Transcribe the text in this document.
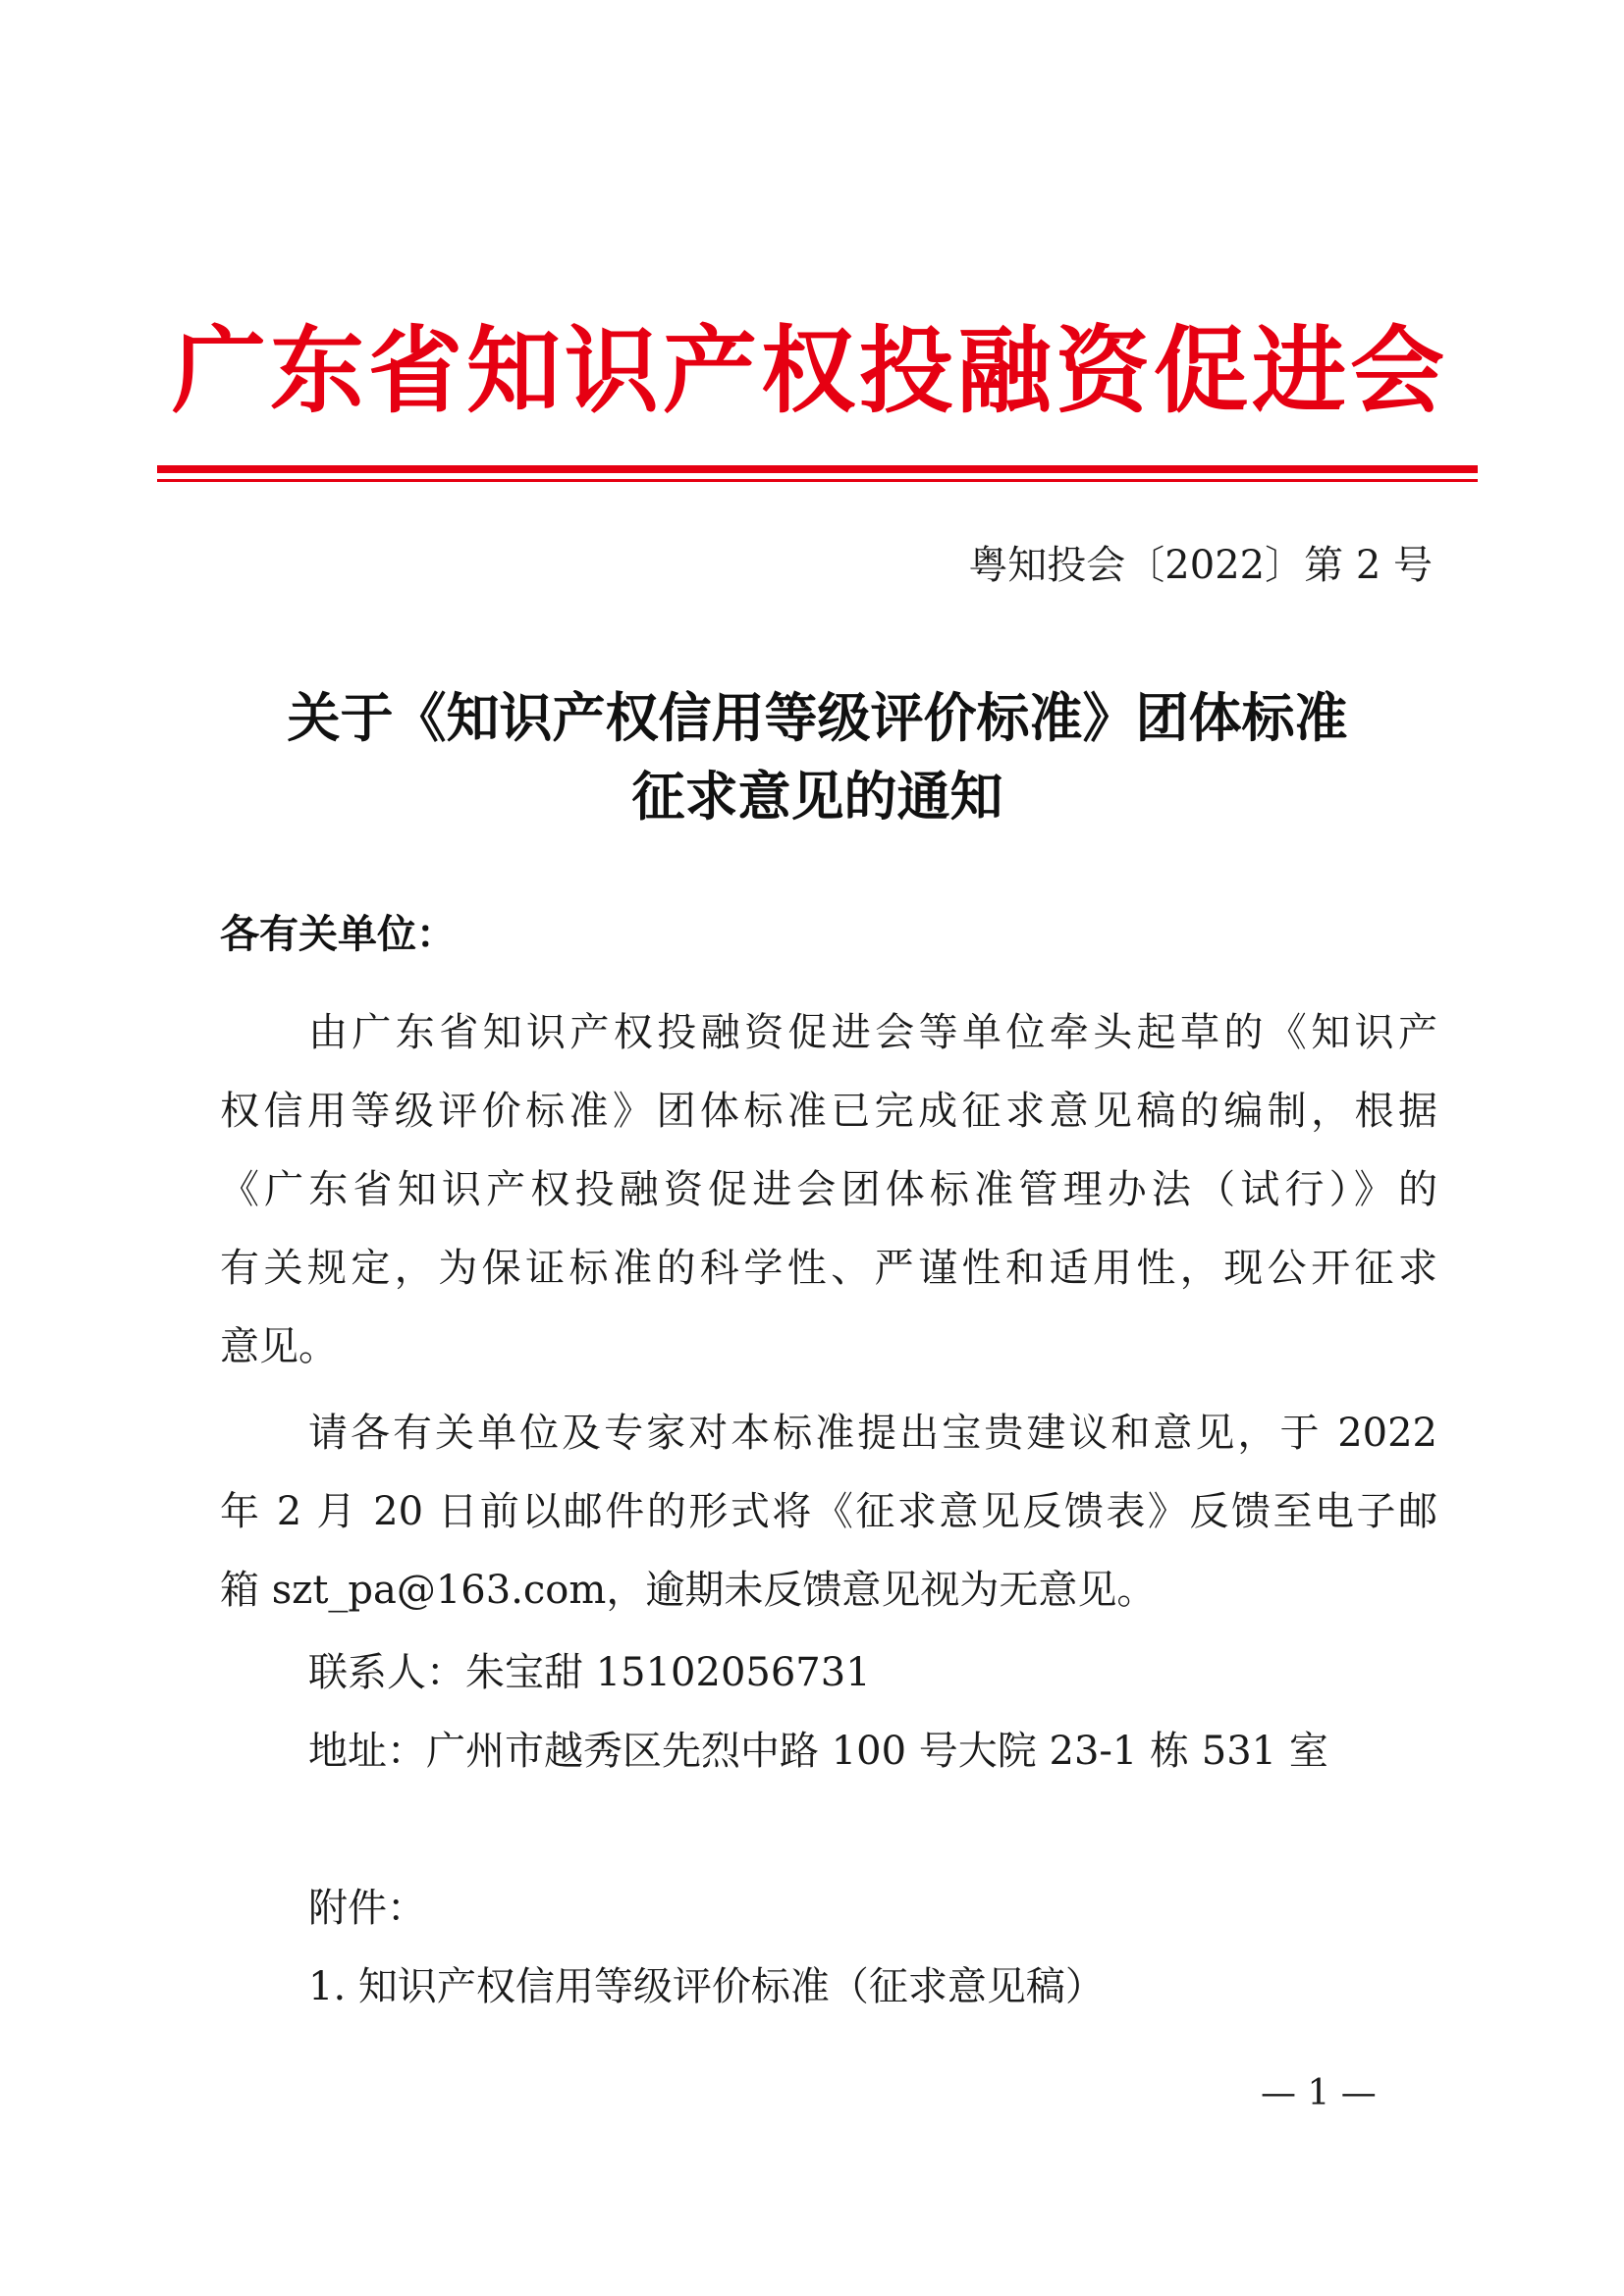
广东省知识产权投融资促进会
粤知投会〔2022〕第 2 号
关于《知识产权信用等级评价标准》团体标准
征求意见的通知
各有关单位：
由广东省知识产权投融资促进会等单位牵头起草的《知识产
权信用等级评价标准》团体标准已完成征求意见稿的编制，根据
《广东省知识产权投融资促进会团体标准管理办法（试行）》的
有关规定，为保证标准的科学性、严谨性和适用性，现公开征求
意见。
请各有关单位及专家对本标准提出宝贵建议和意见，于 2022
年 2 月 20 日前以邮件的形式将《征求意见反馈表》反馈至电子邮
箱 szt_pa@163.com，逾期未反馈意见视为无意见。
联系人：朱宝甜 15102056731
地址：广州市越秀区先烈中路 100 号大院 23-1 栋 531 室
附件：
1. 知识产权信用等级评价标准（征求意见稿）
— 1 —
